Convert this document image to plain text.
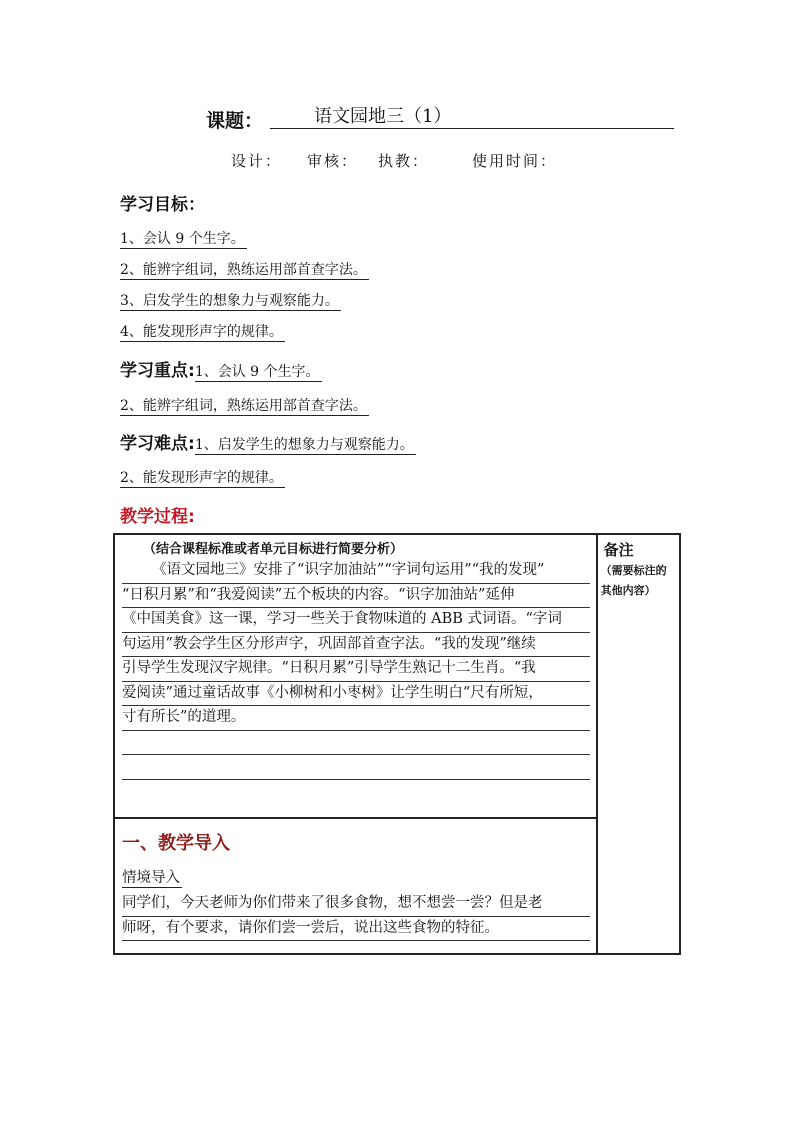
课题：	语文园地三（1）
设计： 审核： 执教：	使用时间：
学习目标：
1、会认 9 个生字。
2、能辨字组词，熟练运用部首查字法。
3、启发学生的想象力与观察能力。
4、能发现形声字的规律。
学习重点:1、会认 9 个生字。
2、能辨字组词，熟练运用部首查字法。
学习难点:1、启发学生的想象力与观察能力。
2、能发现形声字的规律。
教学过程:
（结合课程标准或者单元目标进行简要分析）
《语文园地三》安排了“识字加油站”“字词句运用”“我的发现”
“日积月累”和“我爱阅读”五个板块的内容。“识字加油站”延伸
《中国美食》这一课，学习一些关于食物味道的 ABB 式词语。“字词
句运用”教会学生区分形声字，巩固部首查字法。“我的发现”继续
引导学生发现汉字规律。“日积月累”引导学生熟记十二生肖。“我
爱阅读”通过童话故事《小柳树和小枣树》让学生明白“尺有所短，
寸有所长”的道理。

备注
（需要标注的其他内容）

一、教学导入
情境导入
同学们，今天老师为你们带来了很多食物，想不想尝一尝？但是老
师呀，有个要求，请你们尝一尝后，说出这些食物的特征。
